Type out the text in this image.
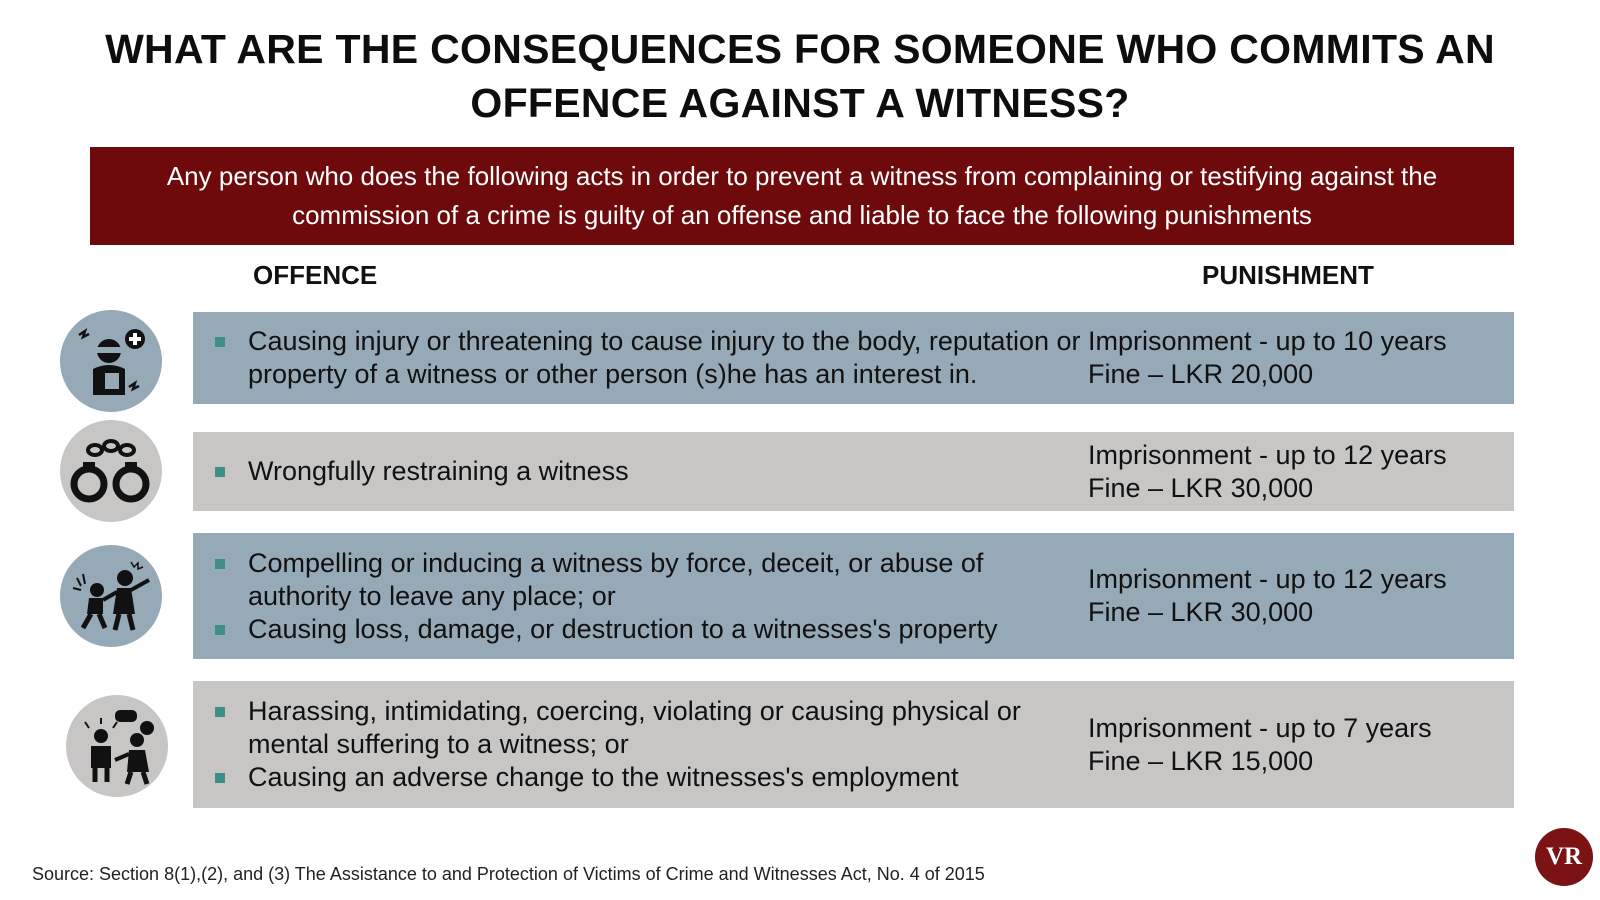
WHAT ARE THE CONSEQUENCES FOR SOMEONE WHO COMMITS AN OFFENCE AGAINST A WITNESS?
Any person who does the following acts in order to prevent a witness from complaining or testifying against the commission of a crime is guilty of an offense and liable to face the following punishments
OFFENCE	PUNISHMENT
Causing injury or threatening to cause injury to the body, reputation or property of a witness or other person (s)he has an interest in.
Imprisonment - up to 10 years
Fine – LKR 20,000
Wrongfully restraining a witness
Imprisonment - up to 12 years
Fine – LKR 30,000
Compelling or inducing a witness by force, deceit, or abuse of authority to leave any place; or
Causing loss, damage, or destruction to a witnesses's property
Imprisonment - up to 12 years
Fine – LKR 30,000
Harassing, intimidating, coercing, violating or causing physical or mental suffering to a witness; or
Causing an adverse change to the witnesses's employment
Imprisonment - up to 7 years
Fine – LKR 15,000
Source: Section 8(1),(2), and (3) The Assistance to and Protection of Victims of Crime and Witnesses Act, No. 4 of 2015
VR
